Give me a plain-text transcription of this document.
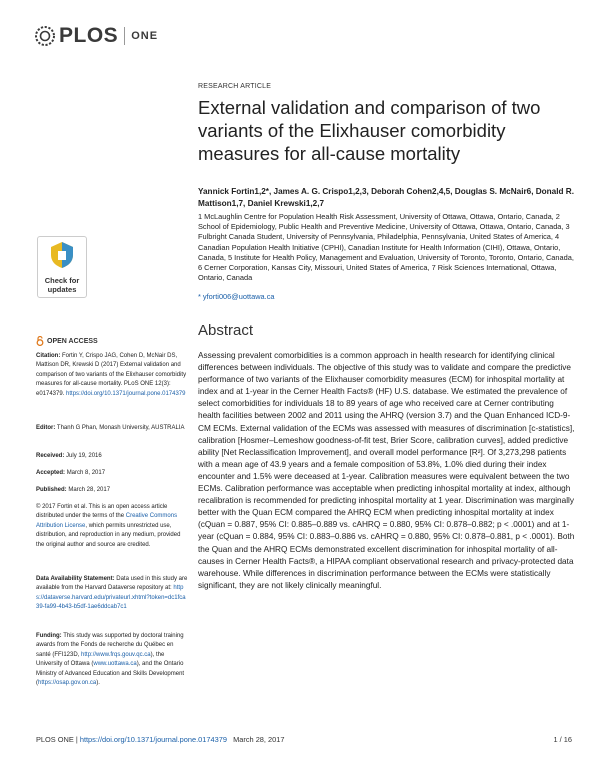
PLOS ONE
RESEARCH ARTICLE
External validation and comparison of two variants of the Elixhauser comorbidity measures for all-cause mortality
Yannick Fortin1,2*, James A. G. Crispo1,2,3, Deborah Cohen2,4,5, Douglas S. McNair6, Donald R. Mattison1,7, Daniel Krewski1,2,7
1 McLaughlin Centre for Population Health Risk Assessment, University of Ottawa, Ottawa, Ontario, Canada, 2 School of Epidemiology, Public Health and Preventive Medicine, University of Ottawa, Ottawa, Ontario, Canada, 3 Fulbright Canada Student, University of Pennsylvania, Philadelphia, Pennsylvania, United States of America, 4 Canadian Population Health Initiative (CPHI), Canadian Institute for Health Information (CIHI), Ottawa, Ontario, Canada, 5 Institute for Health Policy, Management and Evaluation, University of Toronto, Toronto, Ontario, Canada, 6 Cerner Corporation, Kansas City, Missouri, United States of America, 7 Risk Sciences International, Ottawa, Ontario, Canada
* yforti006@uottawa.ca
Check for
updates
OPEN ACCESS
Citation: Fortin Y, Crispo JAG, Cohen D, McNair DS, Mattison DR, Krewski D (2017) External validation and comparison of two variants of the Elixhauser comorbidity measures for all-cause mortality. PLoS ONE 12(3): e0174379. https://doi.org/10.1371/journal.pone.0174379
Editor: Thanh G Phan, Monash University, AUSTRALIA
Received: July 19, 2016
Accepted: March 8, 2017
Published: March 28, 2017
© 2017 Fortin et al. This is an open access article distributed under the terms of the Creative Commons Attribution License, which permits unrestricted use, distribution, and reproduction in any medium, provided the original author and source are credited.
Data Availability Statement: Data used in this study are available from the Harvard Dataverse repository at: https://dataverse.harvard.edu/privateurl.xhtml?token=dc1fca39-fa99-4b43-b5df-1ae6ddcab7c1
Funding: This study was supported by doctoral training awards from the Fonds de recherche du Québec en santé (FFI123D, http://www.frqs.gouv.qc.ca), the University of Ottawa (www.uottawa.ca), and the Ontario Ministry of Advanced Education and Skills Development (https://osap.gov.on.ca).
Abstract
Assessing prevalent comorbidities is a common approach in health research for identifying clinical differences between individuals. The objective of this study was to validate and compare the predictive performance of two variants of the Elixhauser comorbidity measures (ECM) for inhospital mortality at index and at 1-year in the Cerner Health Facts® (HF) U.S. database. We estimated the prevalence of select comorbidities for individuals 18 to 89 years of age who received care at Cerner contributing health facilities between 2002 and 2011 using the AHRQ (version 3.7) and the Quan Enhanced ICD-9-CM ECMs. External validation of the ECMs was assessed with measures of discrimination [c-statistics], calibration [Hosmer–Lemeshow goodness-of-fit test, Brier Score, calibration curves], added predictive ability [Net Reclassification Improvement], and overall model performance [R²]. Of 3,273,298 patients with a mean age of 43.9 years and a female composition of 53.8%, 1.0% died during their index encounter and 1.5% were deceased at 1-year. Calibration measures were equivalent between the two ECMs. Calibration performance was acceptable when predicting inhospital mortality at index, although recalibration is recommended for predicting inhospital mortality at 1 year. Discrimination was marginally better with the Quan ECM compared the AHRQ ECM when predicting inhospital mortality at index (cQuan = 0.887, 95% CI: 0.885–0.889 vs. cAHRQ = 0.880, 95% CI: 0.878–0.882; p < .0001) and at 1-year (cQuan = 0.884, 95% CI: 0.883–0.886 vs. cAHRQ = 0.880, 95% CI: 0.878–0.881, p < .0001). Both the Quan and the AHRQ ECMs demonstrated excellent discrimination for inhospital mortality of all-causes in Cerner Health Facts®, a HIPAA compliant observational research and privacy-protected data warehouse. While differences in discrimination performance between the ECMs were statistically significant, they are not likely clinically meaningful.
PLOS ONE | https://doi.org/10.1371/journal.pone.0174379 March 28, 2017	1 / 16
